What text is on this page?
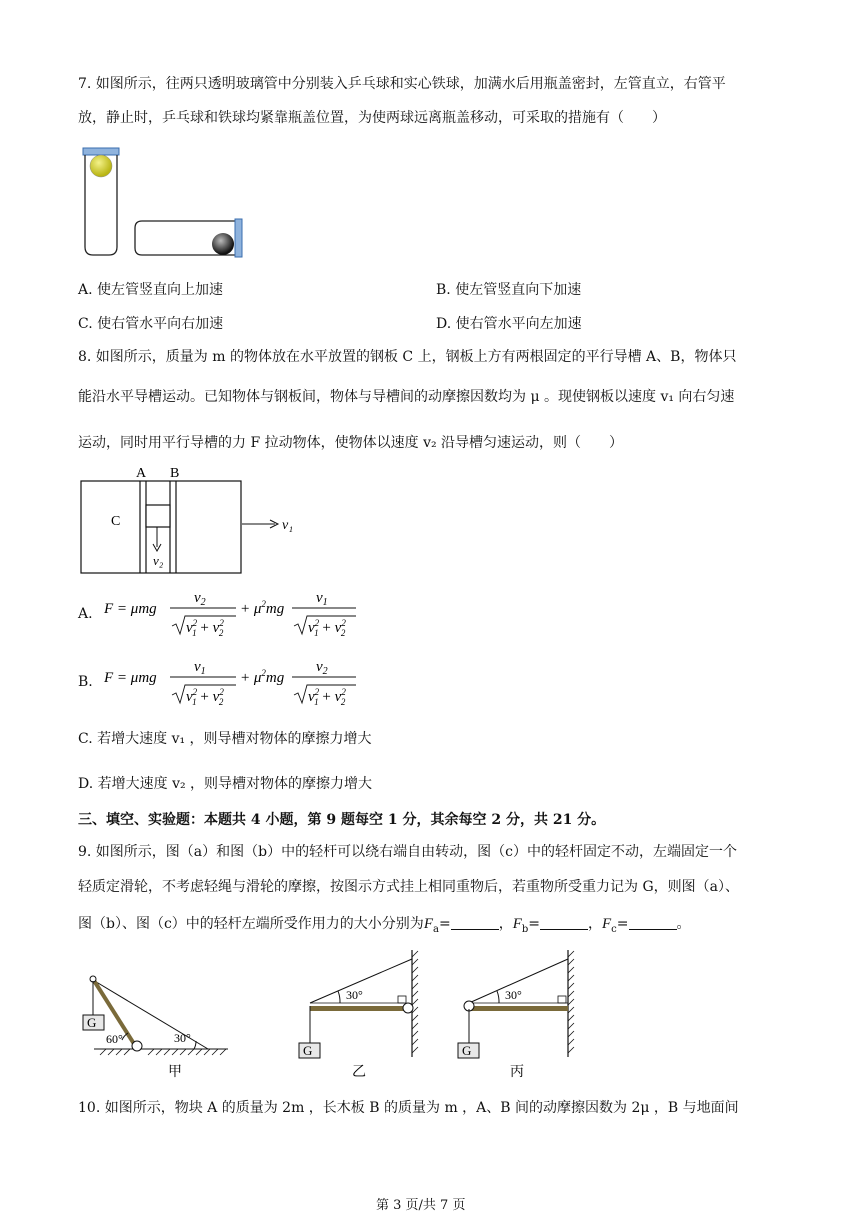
7. 如图所示，往两只透明玻璃管中分别装入乒乓球和实心铁球，加满水后用瓶盖密封，左管直立，右管平
放，静止时，乒乓球和铁球均紧靠瓶盖位置，为使两球远离瓶盖移动，可采取的措施有（　　）
A. 使左管竖直向上加速	B. 使左管竖直向下加速
C. 使右管水平向右加速	D. 使右管水平向左加速
8. 如图所示，质量为 m 的物体放在水平放置的钢板 C 上，钢板上方有两根固定的平行导槽 A、B，物体只
能沿水平导槽运动。已知物体与钢板间，物体与导槽间的动摩擦因数均为 μ 。现使钢板以速度 v₁ 向右匀速
运动，同时用平行导槽的力 F 拉动物体，使物体以速度 v₂ 沿导槽匀速运动，则（　　）
A B
C	v₁
v₂
A. F = μmg
$v_2$
$v^2$ $1 + v^2$ 2
+ $\mu^2mg$
$v_1$
$v^2$ $1 + v^2$ 2
B. F = μmg
$v_1$
$v^2$ $1 + v^2$ 2
+ $\mu^2mg$
$v_2$
$v^2$ $1 + v^2$ 2
C. 若增大速度 v₁ ，则导槽对物体的摩擦力增大
D. 若增大速度 v₂ ，则导槽对物体的摩擦力增大
三、填空、实验题：本题共 4 小题，第 9 题每空 1 分，其余每空 2 分，共 21 分。
9. 如图所示，图（a）和图（b）中的轻杆可以绕右端自由转动，图（c）中的轻杆固定不动，左端固定一个
轻质定滑轮，不考虑轻绳与滑轮的摩擦，按图示方式挂上相同重物后，若重物所受重力记为 G，则图（a）、
图（b）、图（c）中的轻杆左端所受作用力的大小分别为$F_a=$	，$F_b=$	，$F_c=$	。
G
60°	30°
甲
G
30°
乙
G
30°
丙
10. 如图所示，物块 A 的质量为 2m ，长木板 B 的质量为 m ，A、B 间的动摩擦因数为 2μ ，B 与地面间
第 3 页/共 7 页
